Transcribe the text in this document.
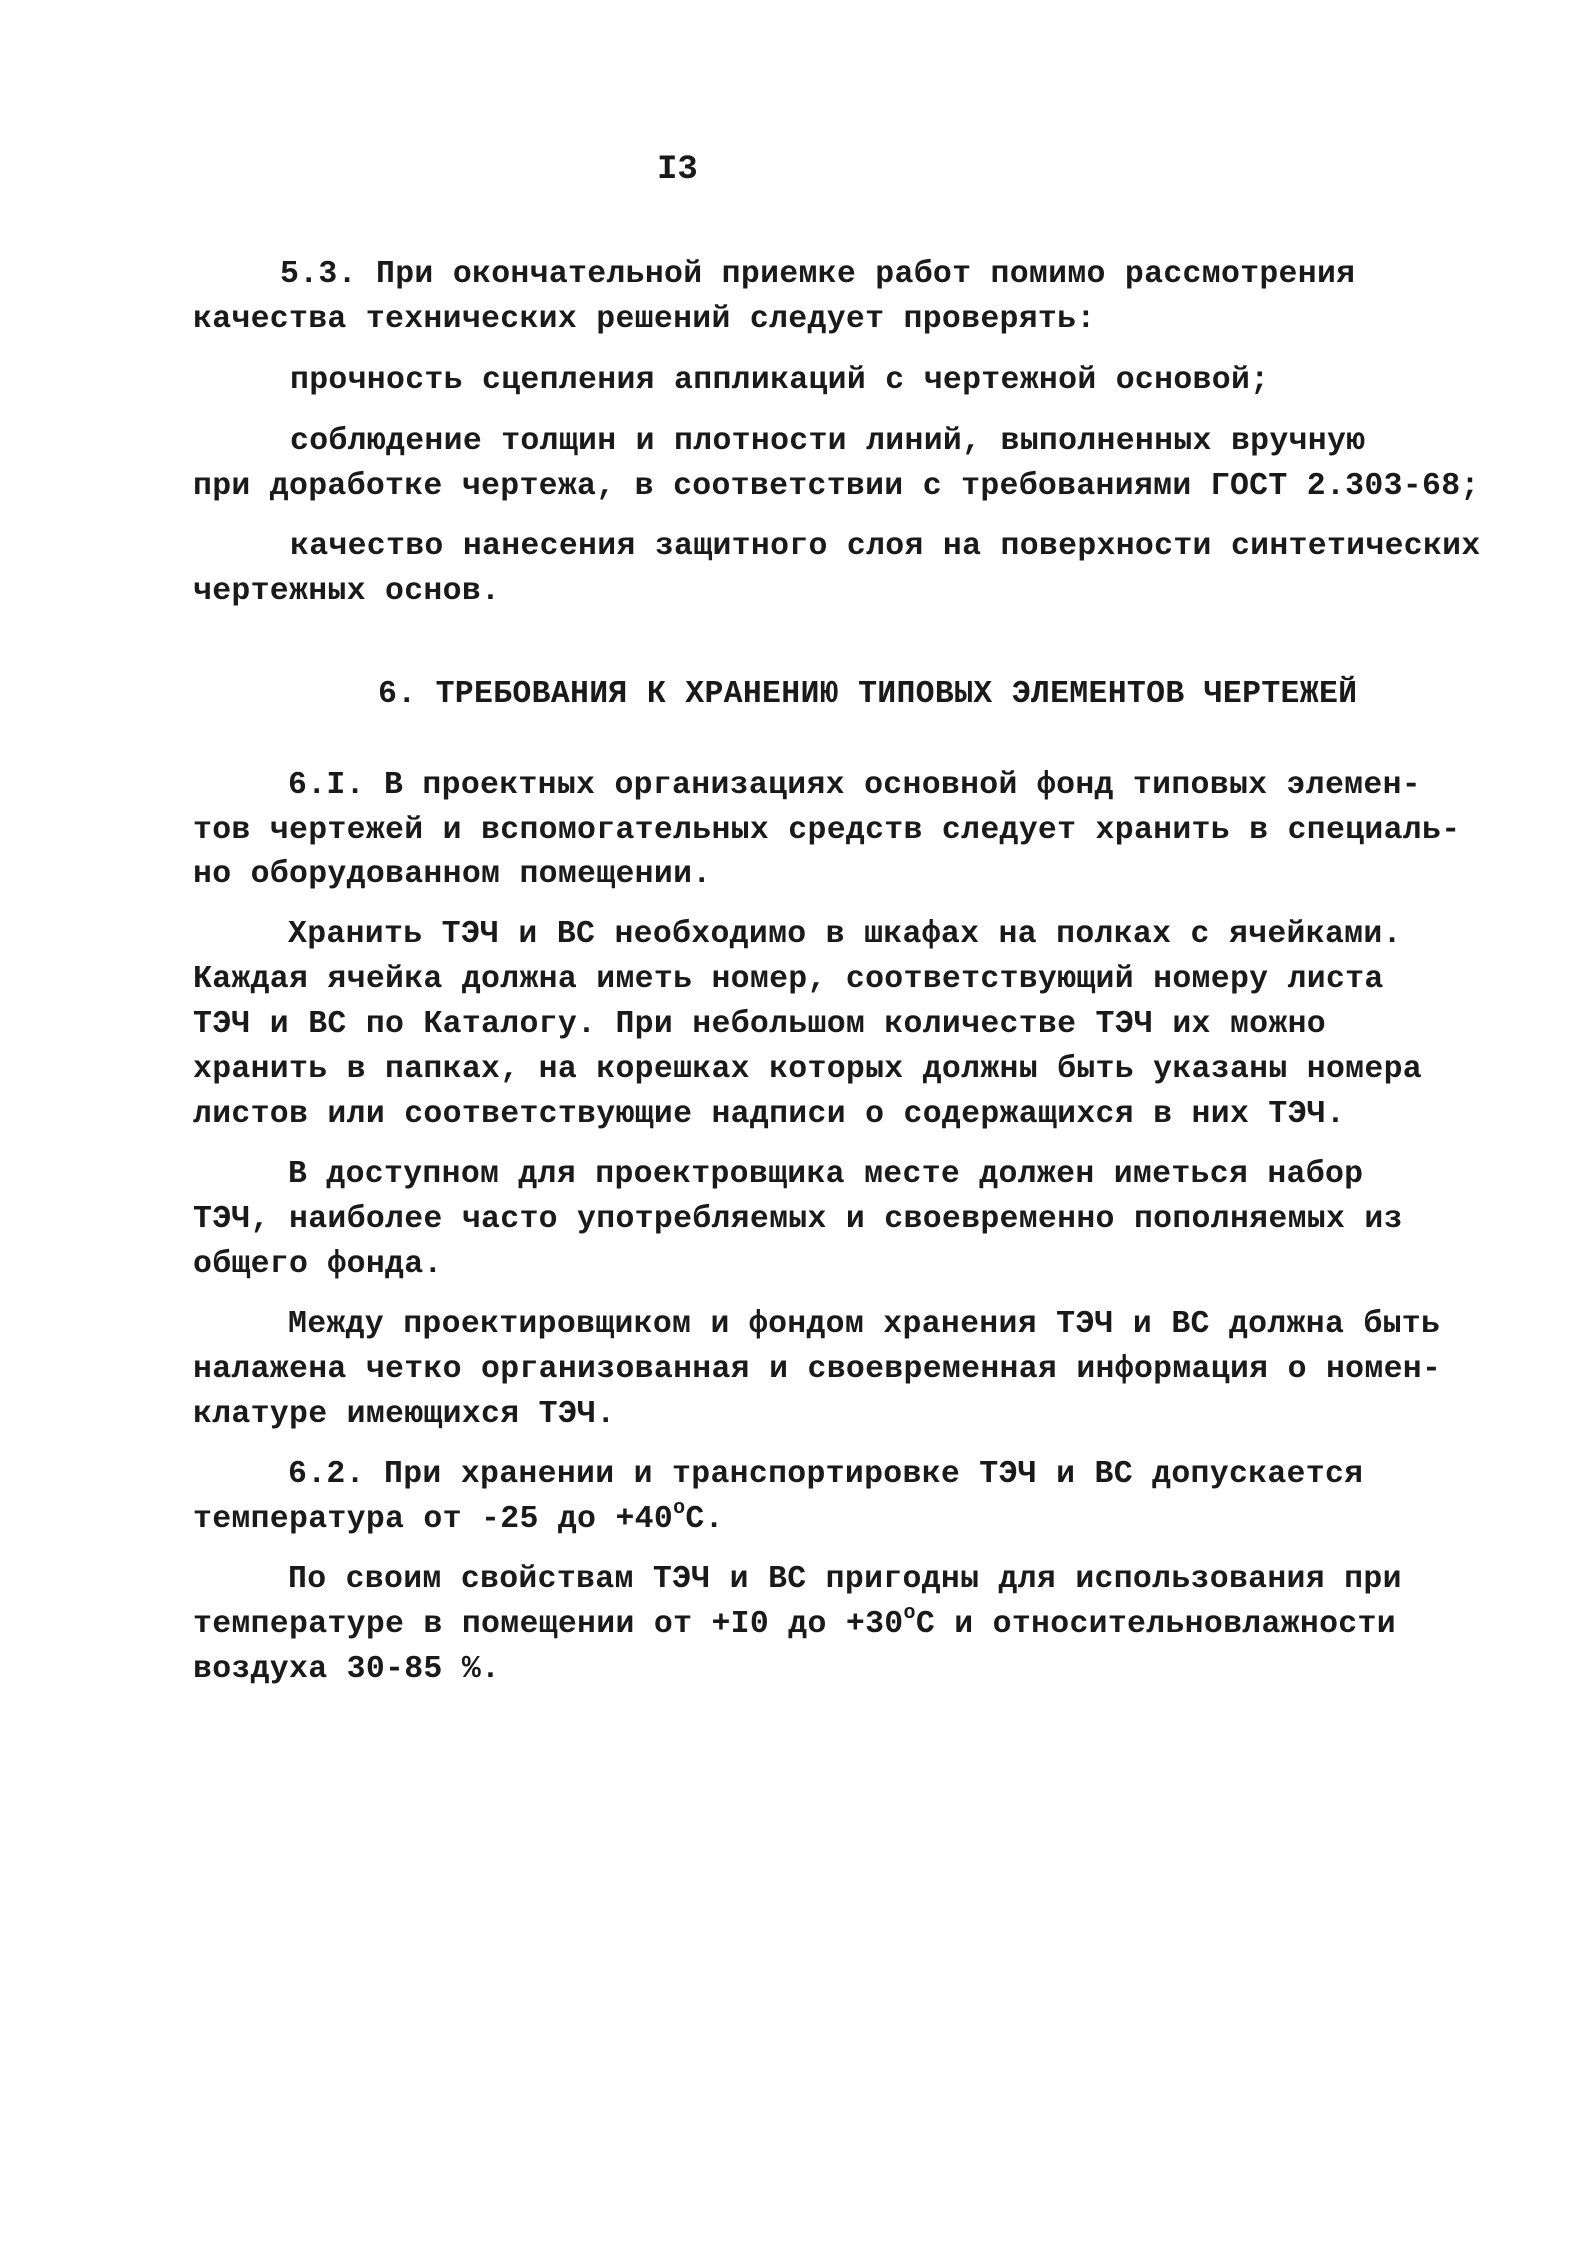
I3

5.3. При окончательной приемке работ помимо рассмотрения

качества технических решений следует проверять:

прочность сцепления аппликаций с чертежной основой;

соблюдение толщин и плотности линий, выполненных вручную

при доработке чертежа, в соответствии с требованиями ГОСТ 2.303-68;

качество нанесения защитного слоя на поверхности синтетических

чертежных основ.

6. ТРЕБОВАНИЯ К ХРАНЕНИЮ ТИПОВЫХ ЭЛЕМЕНТОВ ЧЕРТЕЖЕЙ

6.I. В проектных организациях основной фонд типовых элемен-

тов чертежей и вспомогательных средств следует хранить в специаль-

но оборудованном помещении.

Хранить ТЭЧ и ВС необходимо в шкафах на полках с ячейками.

Каждая ячейка должна иметь номер, соответствующий номеру листа

ТЭЧ и ВС по Каталогу. При небольшом количестве ТЭЧ их можно

хранить в папках, на корешках которых должны быть указаны номера

листов или соответствующие надписи о содержащихся в них ТЭЧ.

В доступном для проектровщика месте должен иметься набор

ТЭЧ, наиболее часто употребляемых и своевременно пополняемых из

общего фонда.

Между проектировщиком и фондом хранения ТЭЧ и ВС должна быть

налажена четко организованная и своевременная информация о номен-

клатуре имеющихся ТЭЧ.

6.2. При хранении и транспортировке ТЭЧ и ВС допускается

температура от -25 до $+40^oC$.

По своим свойствам ТЭЧ и ВС пригодны для использования при

температуре в помещении от +I0 до $+30^oC$ и относительновлажности

воздуха 30-85 %.
